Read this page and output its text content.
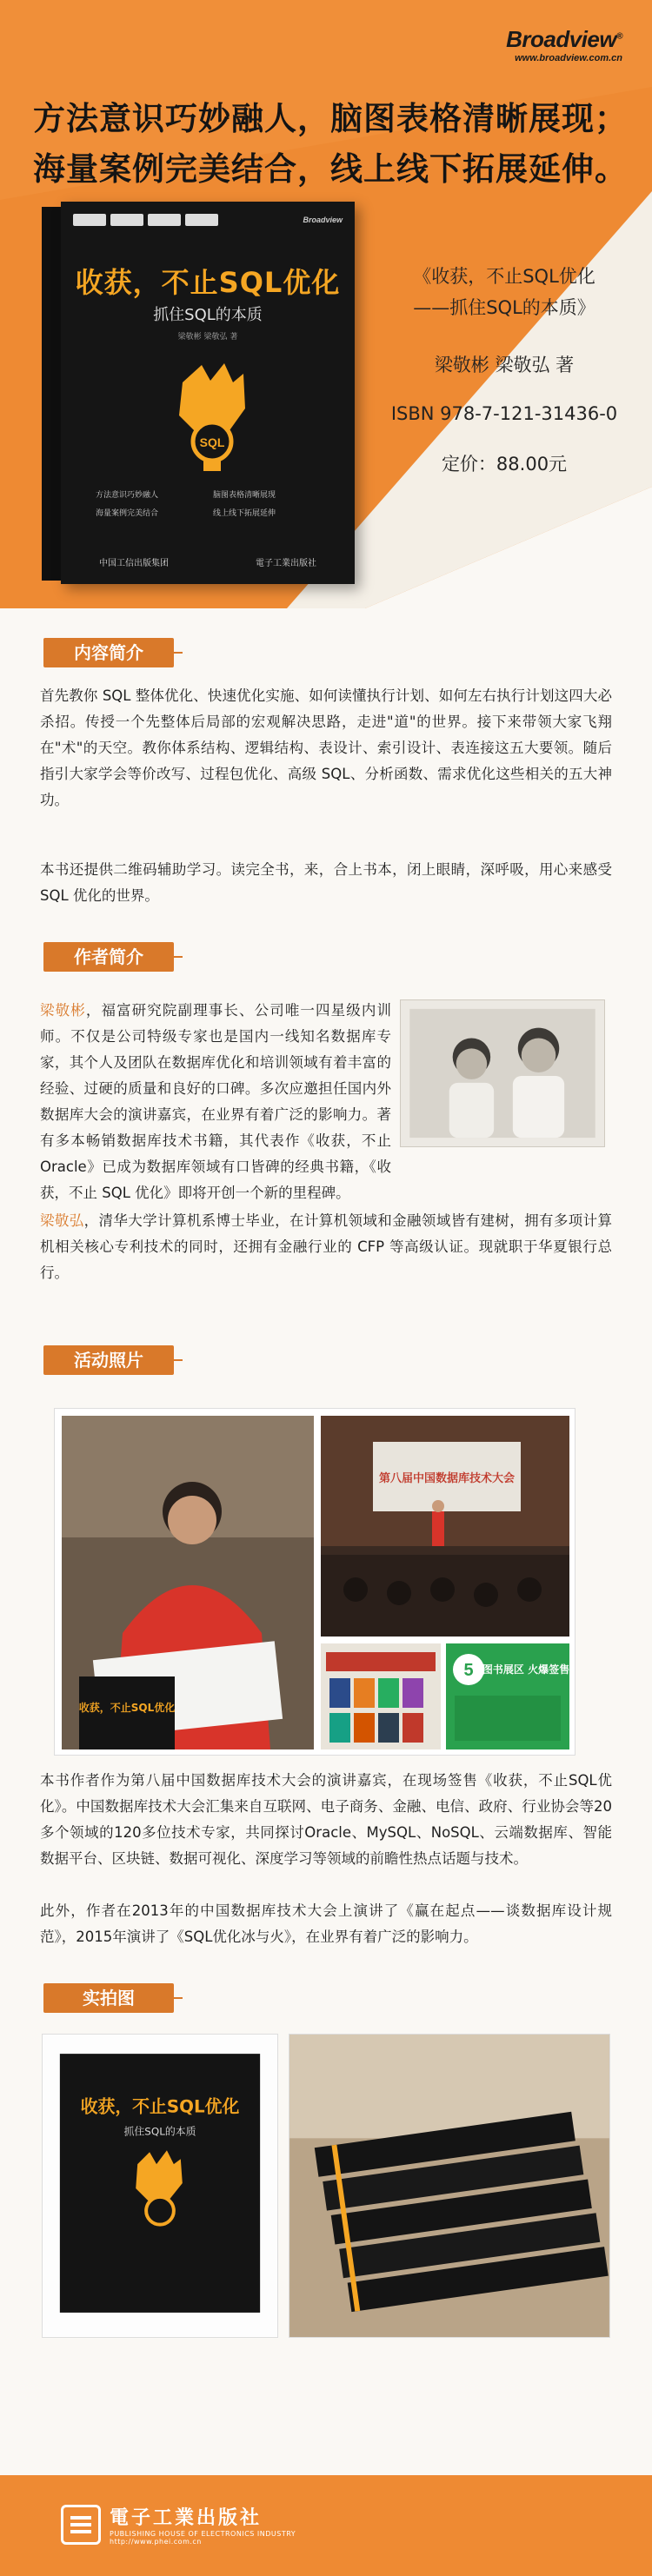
Broadview®
www.broadview.com.cn
方法意识巧妙融人，脑图表格清晰展现；
海量案例完美结合，线上线下拓展延伸。
Broadview
收获，不止SQL优化
抓住SQL的本质
梁敬彬 梁敬弘 著
SQL
方法意识巧妙融人	脑图表格清晰展现
海量案例完美结合	线上线下拓展延伸
中国工信出版集团	電子工業出版社
《收获，不止SQL优化
——抓住SQL的本质》
梁敬彬 梁敬弘 著
ISBN 978-7-121-31436-0
定价：88.00元
内容简介
首先教你 SQL 整体优化、快速优化实施、如何读懂执行计划、如何左右执行计划这四大必杀招。传授一个先整体后局部的宏观解决思路，走进"道"的世界。接下来带领大家飞翔在"术"的天空。教你体系结构、逻辑结构、表设计、索引设计、表连接这五大要领。随后指引大家学会等价改写、过程包优化、高级 SQL、分析函数、需求优化这些相关的五大神功。
本书还提供二维码辅助学习。读完全书，来，合上书本，闭上眼睛，深呼吸，用心来感受 SQL 优化的世界。
作者简介
梁敬彬，福富研究院副理事长、公司唯一四星级内训师。不仅是公司特级专家也是国内一线知名数据库专家，其个人及团队在数据库优化和培训领域有着丰富的经验、过硬的质量和良好的口碑。多次应邀担任国内外数据库大会的演讲嘉宾，在业界有着广泛的影响力。著有多本畅销数据库技术书籍，其代表作《收获，不止 Oracle》已成为数据库领域有口皆碑的经典书籍，《收获，不止 SQL 优化》即将开创一个新的里程碑。
梁敬弘，清华大学计算机系博士毕业，在计算机领域和金融领域皆有建树，拥有多项计算机相关核心专利技术的同时，还拥有金融行业的 CFP 等高级认证。现就职于华夏银行总行。
活动照片
收获，不止SQL优化
第八届中国数据库技术大会
5 图书展区 火爆签售
本书作者作为第八届中国数据库技术大会的演讲嘉宾，在现场签售《收获，不止SQL优化》。中国数据库技术大会汇集来自互联网、电子商务、金融、电信、政府、行业协会等20多个领域的120多位技术专家，共同探讨Oracle、MySQL、NoSQL、云端数据库、智能数据平台、区块链、数据可视化、深度学习等领域的前瞻性热点话题与技术。
此外，作者在2013年的中国数据库技术大会上演讲了《赢在起点——谈数据库设计规范》，2015年演讲了《SQL优化冰与火》，在业界有着广泛的影响力。
实拍图
收获，不止SQL优化
抓住SQL的本质
電子工業出版社
PUBLISHING HOUSE OF ELECTRONICS INDUSTRY
http://www.phei.com.cn
